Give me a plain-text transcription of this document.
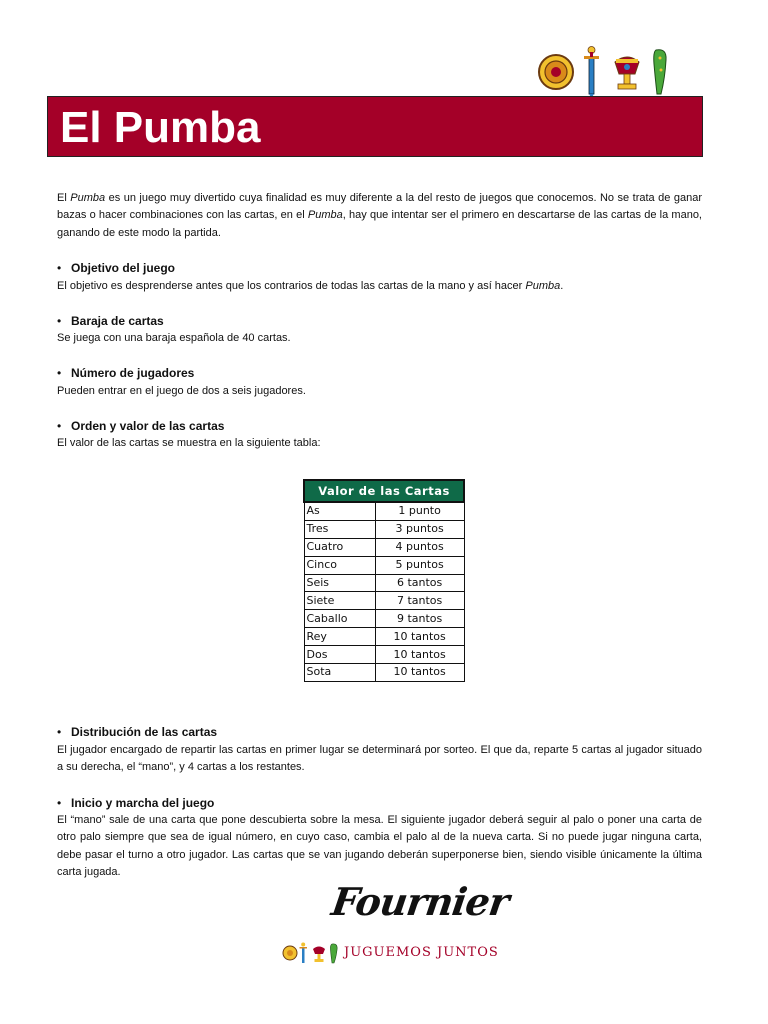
El Pumba

El Pumba es un juego muy divertido cuya finalidad es muy diferente a la del resto de juegos que conocemos. No se trata de ganar bazas o hacer combinaciones con las cartas, en el Pumba, hay que intentar ser el primero en descartarse de las cartas de la mano, ganando de este modo la partida.

• Objetivo del juego

El objetivo es desprenderse antes que los contrarios de todas las cartas de la mano y así hacer Pumba.

• Baraja de cartas

Se juega con una baraja española de 40 cartas.

• Número de jugadores

Pueden entrar en el juego de dos a seis jugadores.

• Orden y valor de las cartas

El valor de las cartas se muestra en la siguiente tabla:

Valor de las Cartas	
As	1 punto
Tres	3 puntos
Cuatro	4 puntos
Cinco	5 puntos
Seis	6 tantos
Siete	7 tantos
Caballo	9 tantos
Rey	10 tantos
Dos	10 tantos
Sota	10 tantos
• Distribución de las cartas

El jugador encargado de repartir las cartas en primer lugar se determinará por sorteo. El que da, reparte 5 cartas al jugador situado a su derecha, el “mano”, y 4 cartas a los restantes.

• Inicio y marcha del juego

El “mano” sale de una carta que pone descubierta sobre la mesa. El siguiente jugador deberá seguir al palo o poner una carta de otro palo siempre que sea de igual número, en cuyo caso, cambia el palo al de la nueva carta. Si no puede jugar ninguna carta, debe pasar el turno a otro jugador. Las cartas que se van jugando deberán superponerse bien, siendo visible únicamente la última carta jugada.

Fournier
JUGUEMOS JUNTOS
